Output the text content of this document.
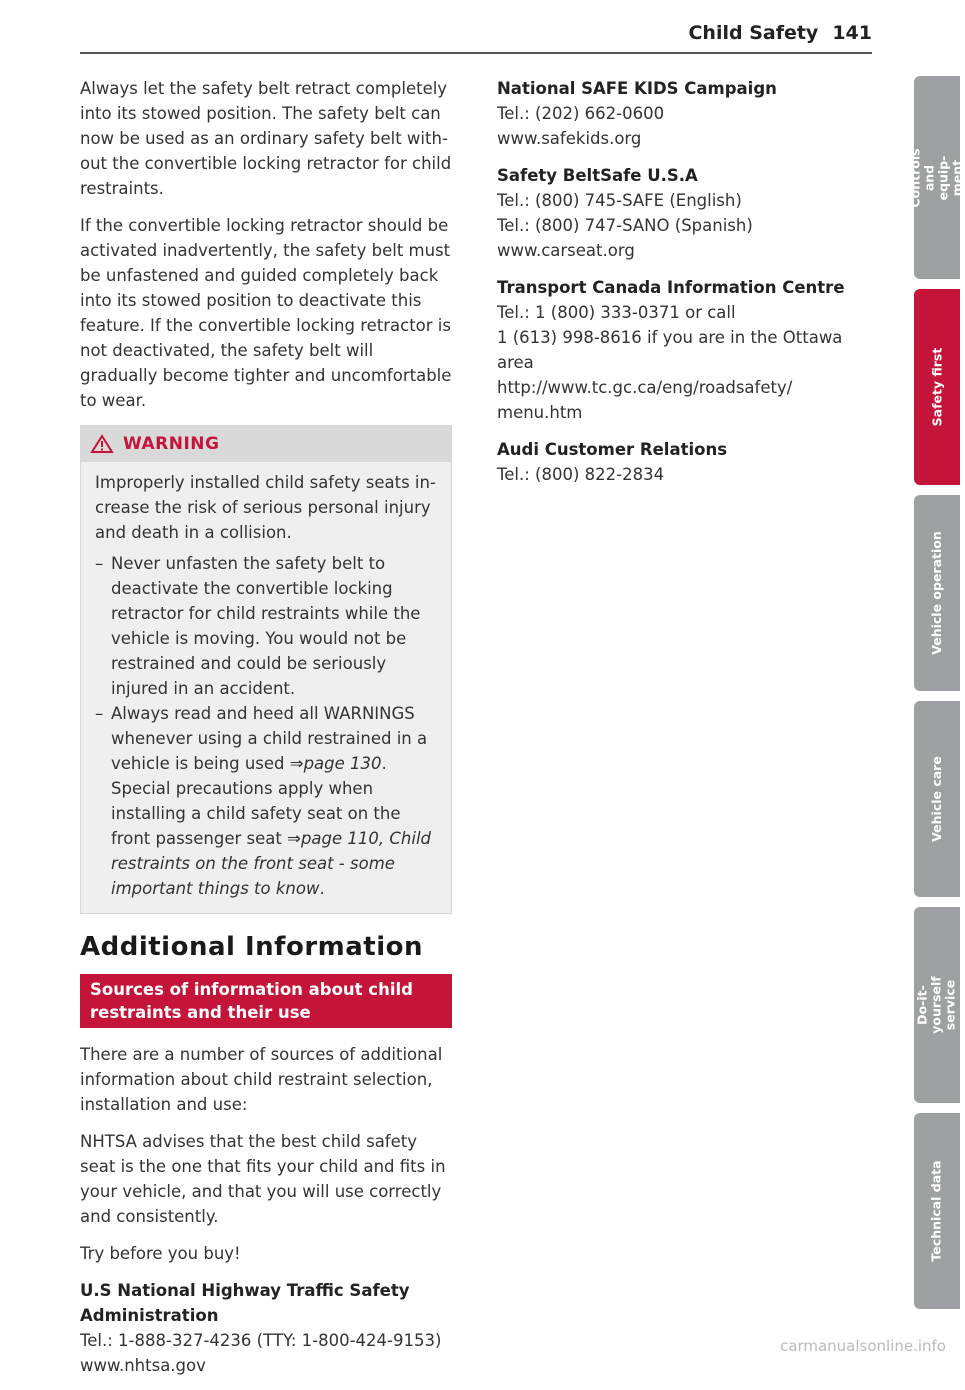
Child Safety 141

Always let the safety belt retract completely into its stowed position. The safety belt can now be used as an ordinary safety belt without the convertible locking retractor for child restraints.

If the convertible locking retractor should be activated inadvertently, the safety belt must be unfastened and guided completely back into its stowed position to deactivate this feature. If the convertible locking retractor is not deactivated, the safety belt will gradually become tighter and uncomfortable to wear.

WARNING

Improperly installed child safety seats increase the risk of serious personal injury and death in a collision.

– Never unfasten the safety belt to deactivate the convertible locking retractor for child restraints while the vehicle is moving. You would not be restrained and could be seriously injured in an accident.
– Always read and heed all WARNINGS whenever using a child restrained in a vehicle is being used ⇒page 130. Special precautions apply when installing a child safety seat on the front passenger seat ⇒page 110, Child restraints on the front seat - some important things to know.
Additional Information
Sources of information about child restraints and their use

There are a number of sources of additional information about child restraint selection, installation and use:

NHTSA advises that the best child safety seat is the one that fits your child and fits in your vehicle, and that you will use correctly and consistently.

Try before you buy!

U.S National Highway Traffic Safety Administration

Tel.: 1-888-327-4236 (TTY: 1-800-424-9153)

www.nhtsa.gov

National SAFE KIDS Campaign

Tel.: (202) 662-0600

www.safekids.org

Safety BeltSafe U.S.A

Tel.: (800) 745-SAFE (English)

Tel.: (800) 747-SANO (Spanish)

www.carseat.org

Transport Canada Information Centre

Tel.: 1 (800) 333-0371 or call

1 (613) 998-8616 if you are in the Ottawa area

http://www.tc.gc.ca/eng/roadsafety/ menu.htm

Audi Customer Relations

Tel.: (800) 822-2834

Controls and equipment
Safety first
Vehicle operation
Vehicle care
Do-it-yourself service
Technical data
carmanualsonline.info
